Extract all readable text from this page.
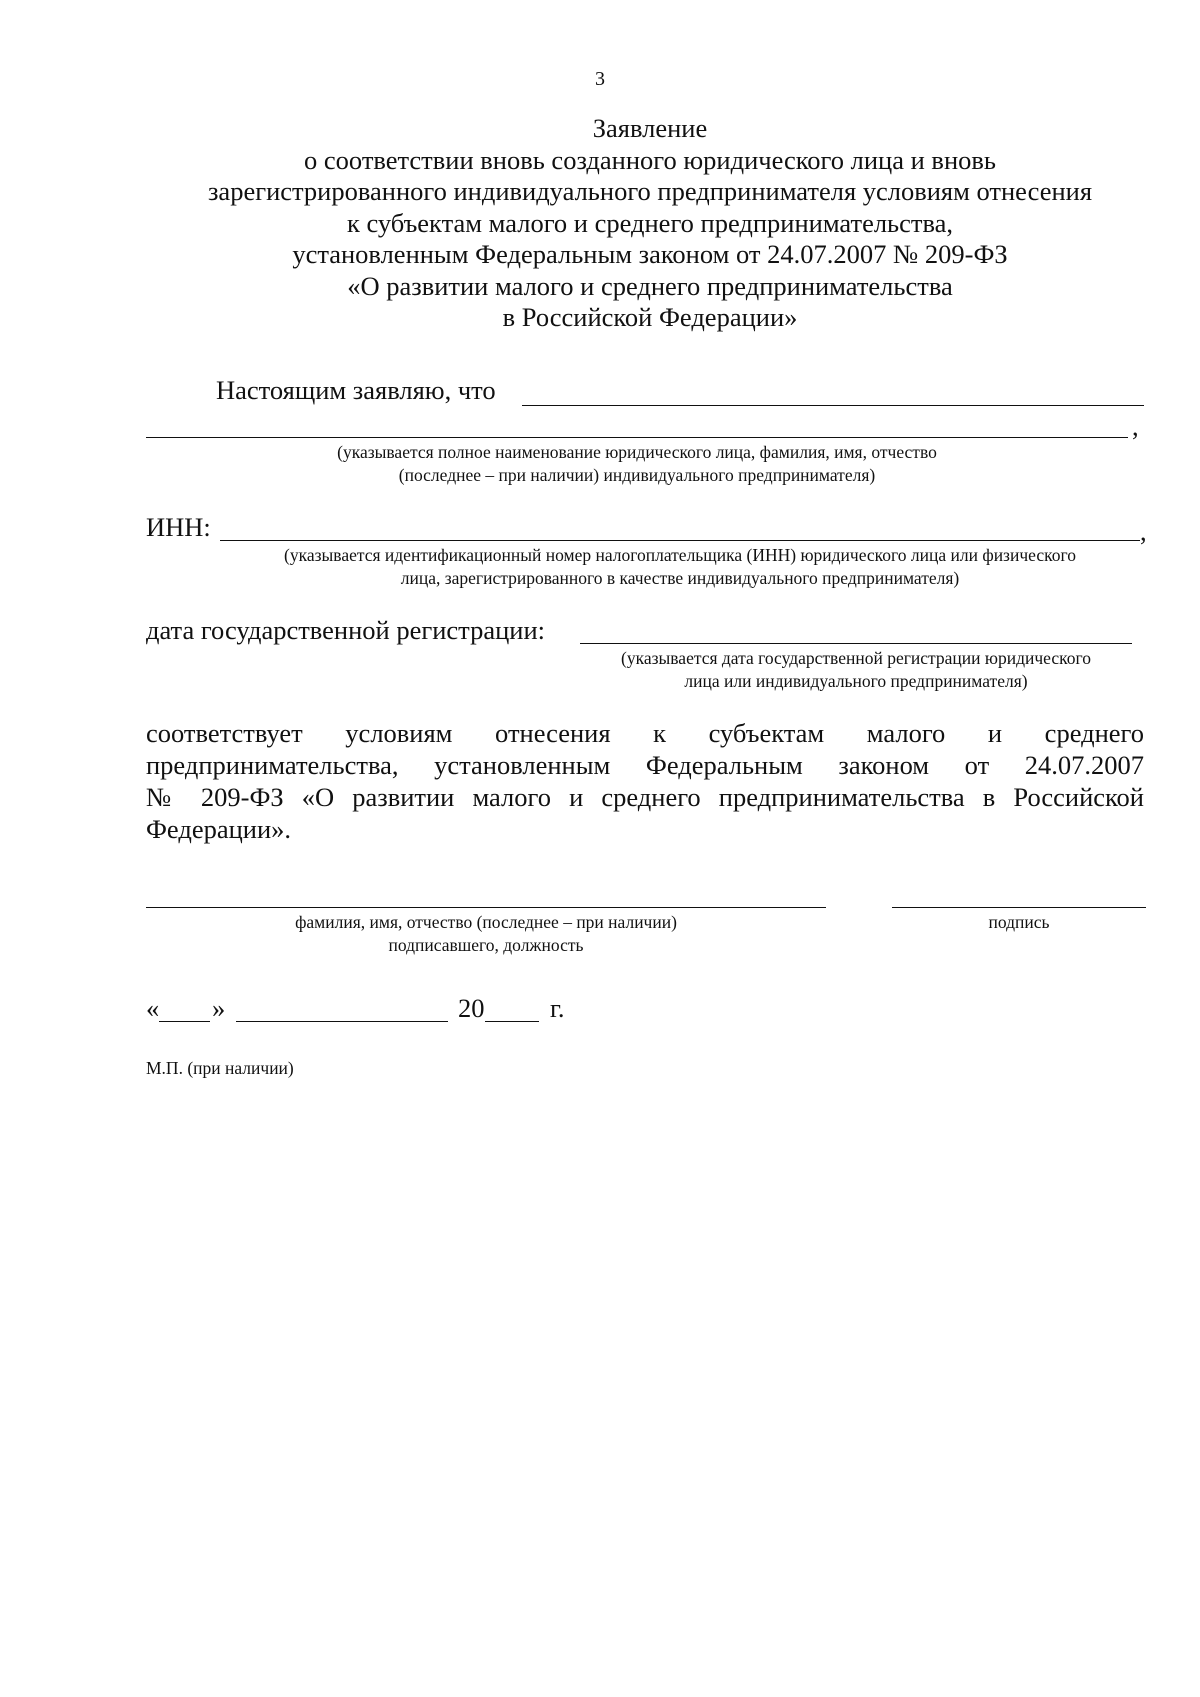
3
Заявление
о соответствии вновь созданного юридического лица и вновь
зарегистрированного индивидуального предпринимателя условиям отнесения
к субъектам малого и среднего предпринимательства,
установленным Федеральным законом от 24.07.2007 № 209-ФЗ
«О развитии малого и среднего предпринимательства
в Российской Федерации»
Настоящим заявляю, что
,
(указывается полное наименование юридического лица, фамилия, имя, отчество
(последнее – при наличии) индивидуального предпринимателя)
ИНН:	,
(указывается идентификационный номер налогоплательщика (ИНН) юридического лица или физического
лица, зарегистрированного в качестве индивидуального предпринимателя)
дата государственной регистрации:
(указывается дата государственной регистрации юридического
лица или индивидуального предпринимателя)
соответствует условиям отнесения к субъектам малого и среднего
предпринимательства, установленным Федеральным законом от 24.07.2007
№ 209-ФЗ «О развитии малого и среднего предпринимательства в Российской
Федерации».
фамилия, имя, отчество (последнее – при наличии)
подписавшего, должность
подпись
« »	20 г.
М.П. (при наличии)
